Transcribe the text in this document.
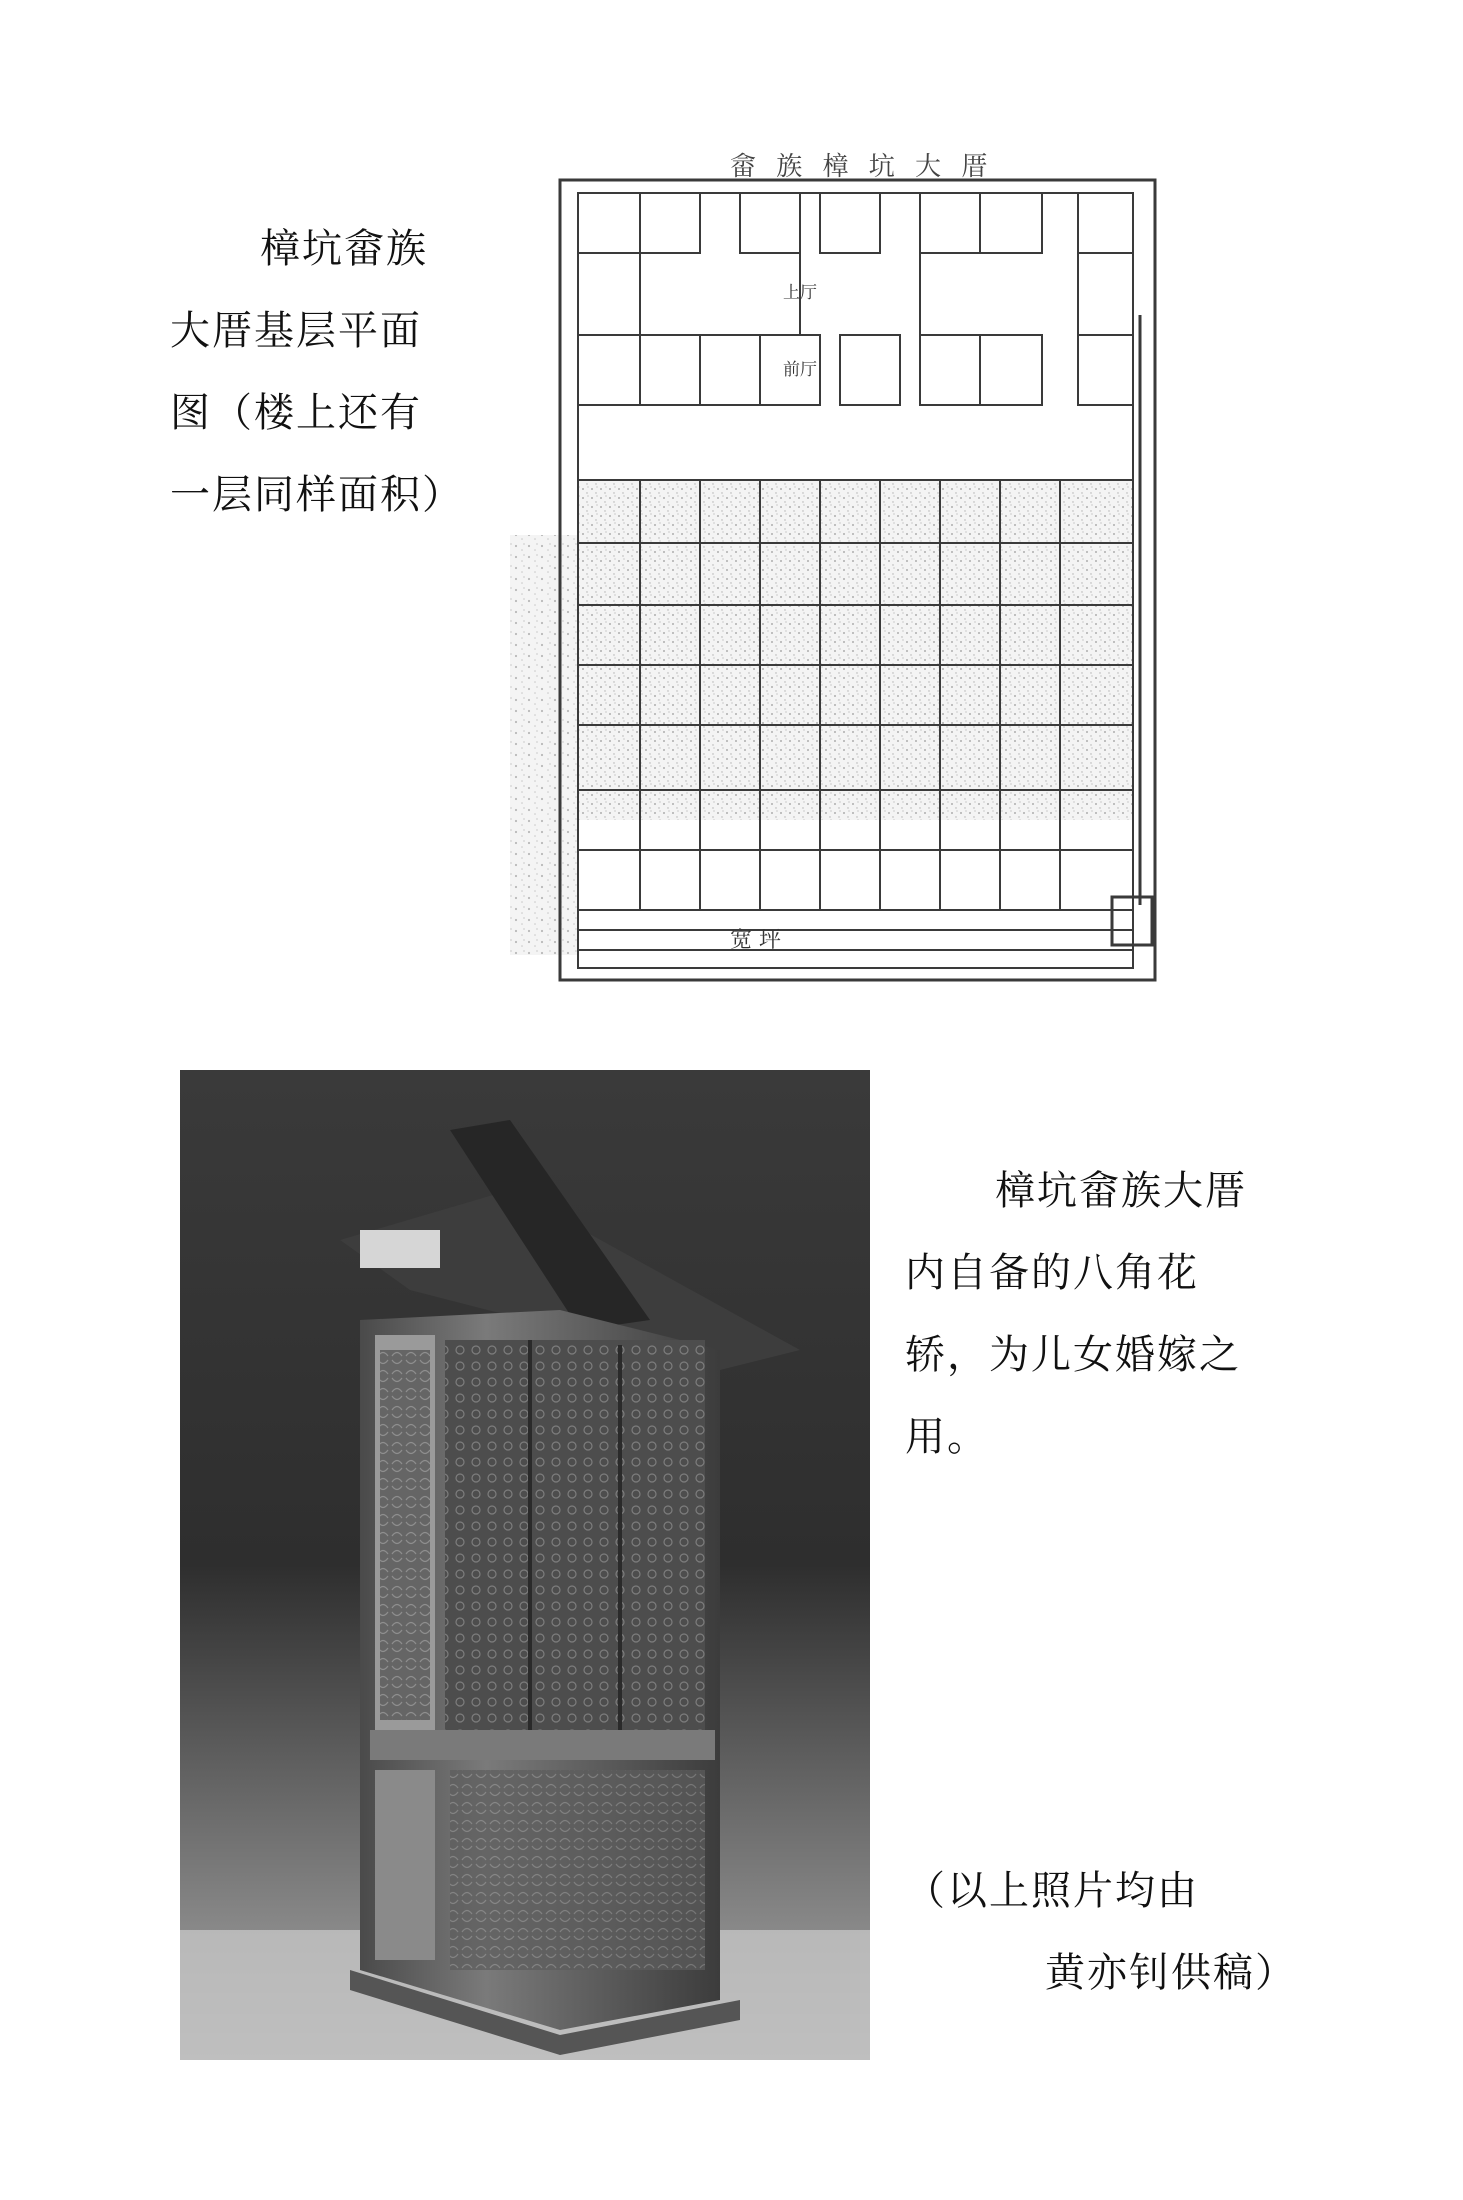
樟坑畲族
大厝基层平面
图（楼上还有
一层同样面积）
畲 族 樟 坑 大 厝
上厅
前厅
宽 坪
樟坑畲族大厝
内自备的八角花
轿，为儿女婚嫁之
用。
（以上照片均由
黄亦钊供稿）
